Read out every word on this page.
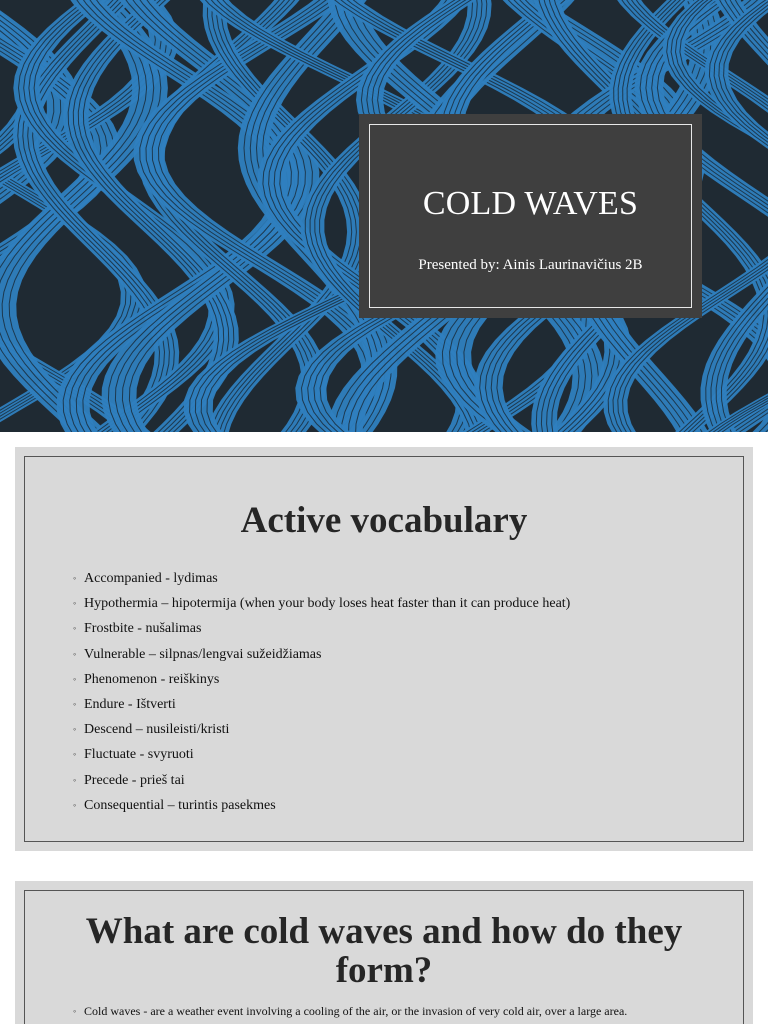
COLD WAVES
Presented by: Ainis Laurinavičius 2B
Active vocabulary
◦ Accompanied - lydimas
◦ Hypothermia – hipotermija (when your body loses heat faster than it can produce heat)
◦ Frostbite - nušalimas
◦ Vulnerable – silpnas/lengvai sužeidžiamas
◦ Phenomenon - reiškinys
◦ Endure - Ištverti
◦ Descend – nusileisti/kristi
◦ Fluctuate - svyruoti
◦ Precede - prieš tai
◦ Consequential – turintis pasekmes
What are cold waves and how do they form?
◦ Cold waves - are a weather event involving a cooling of the air, or the invasion of very cold air, over a large area.
